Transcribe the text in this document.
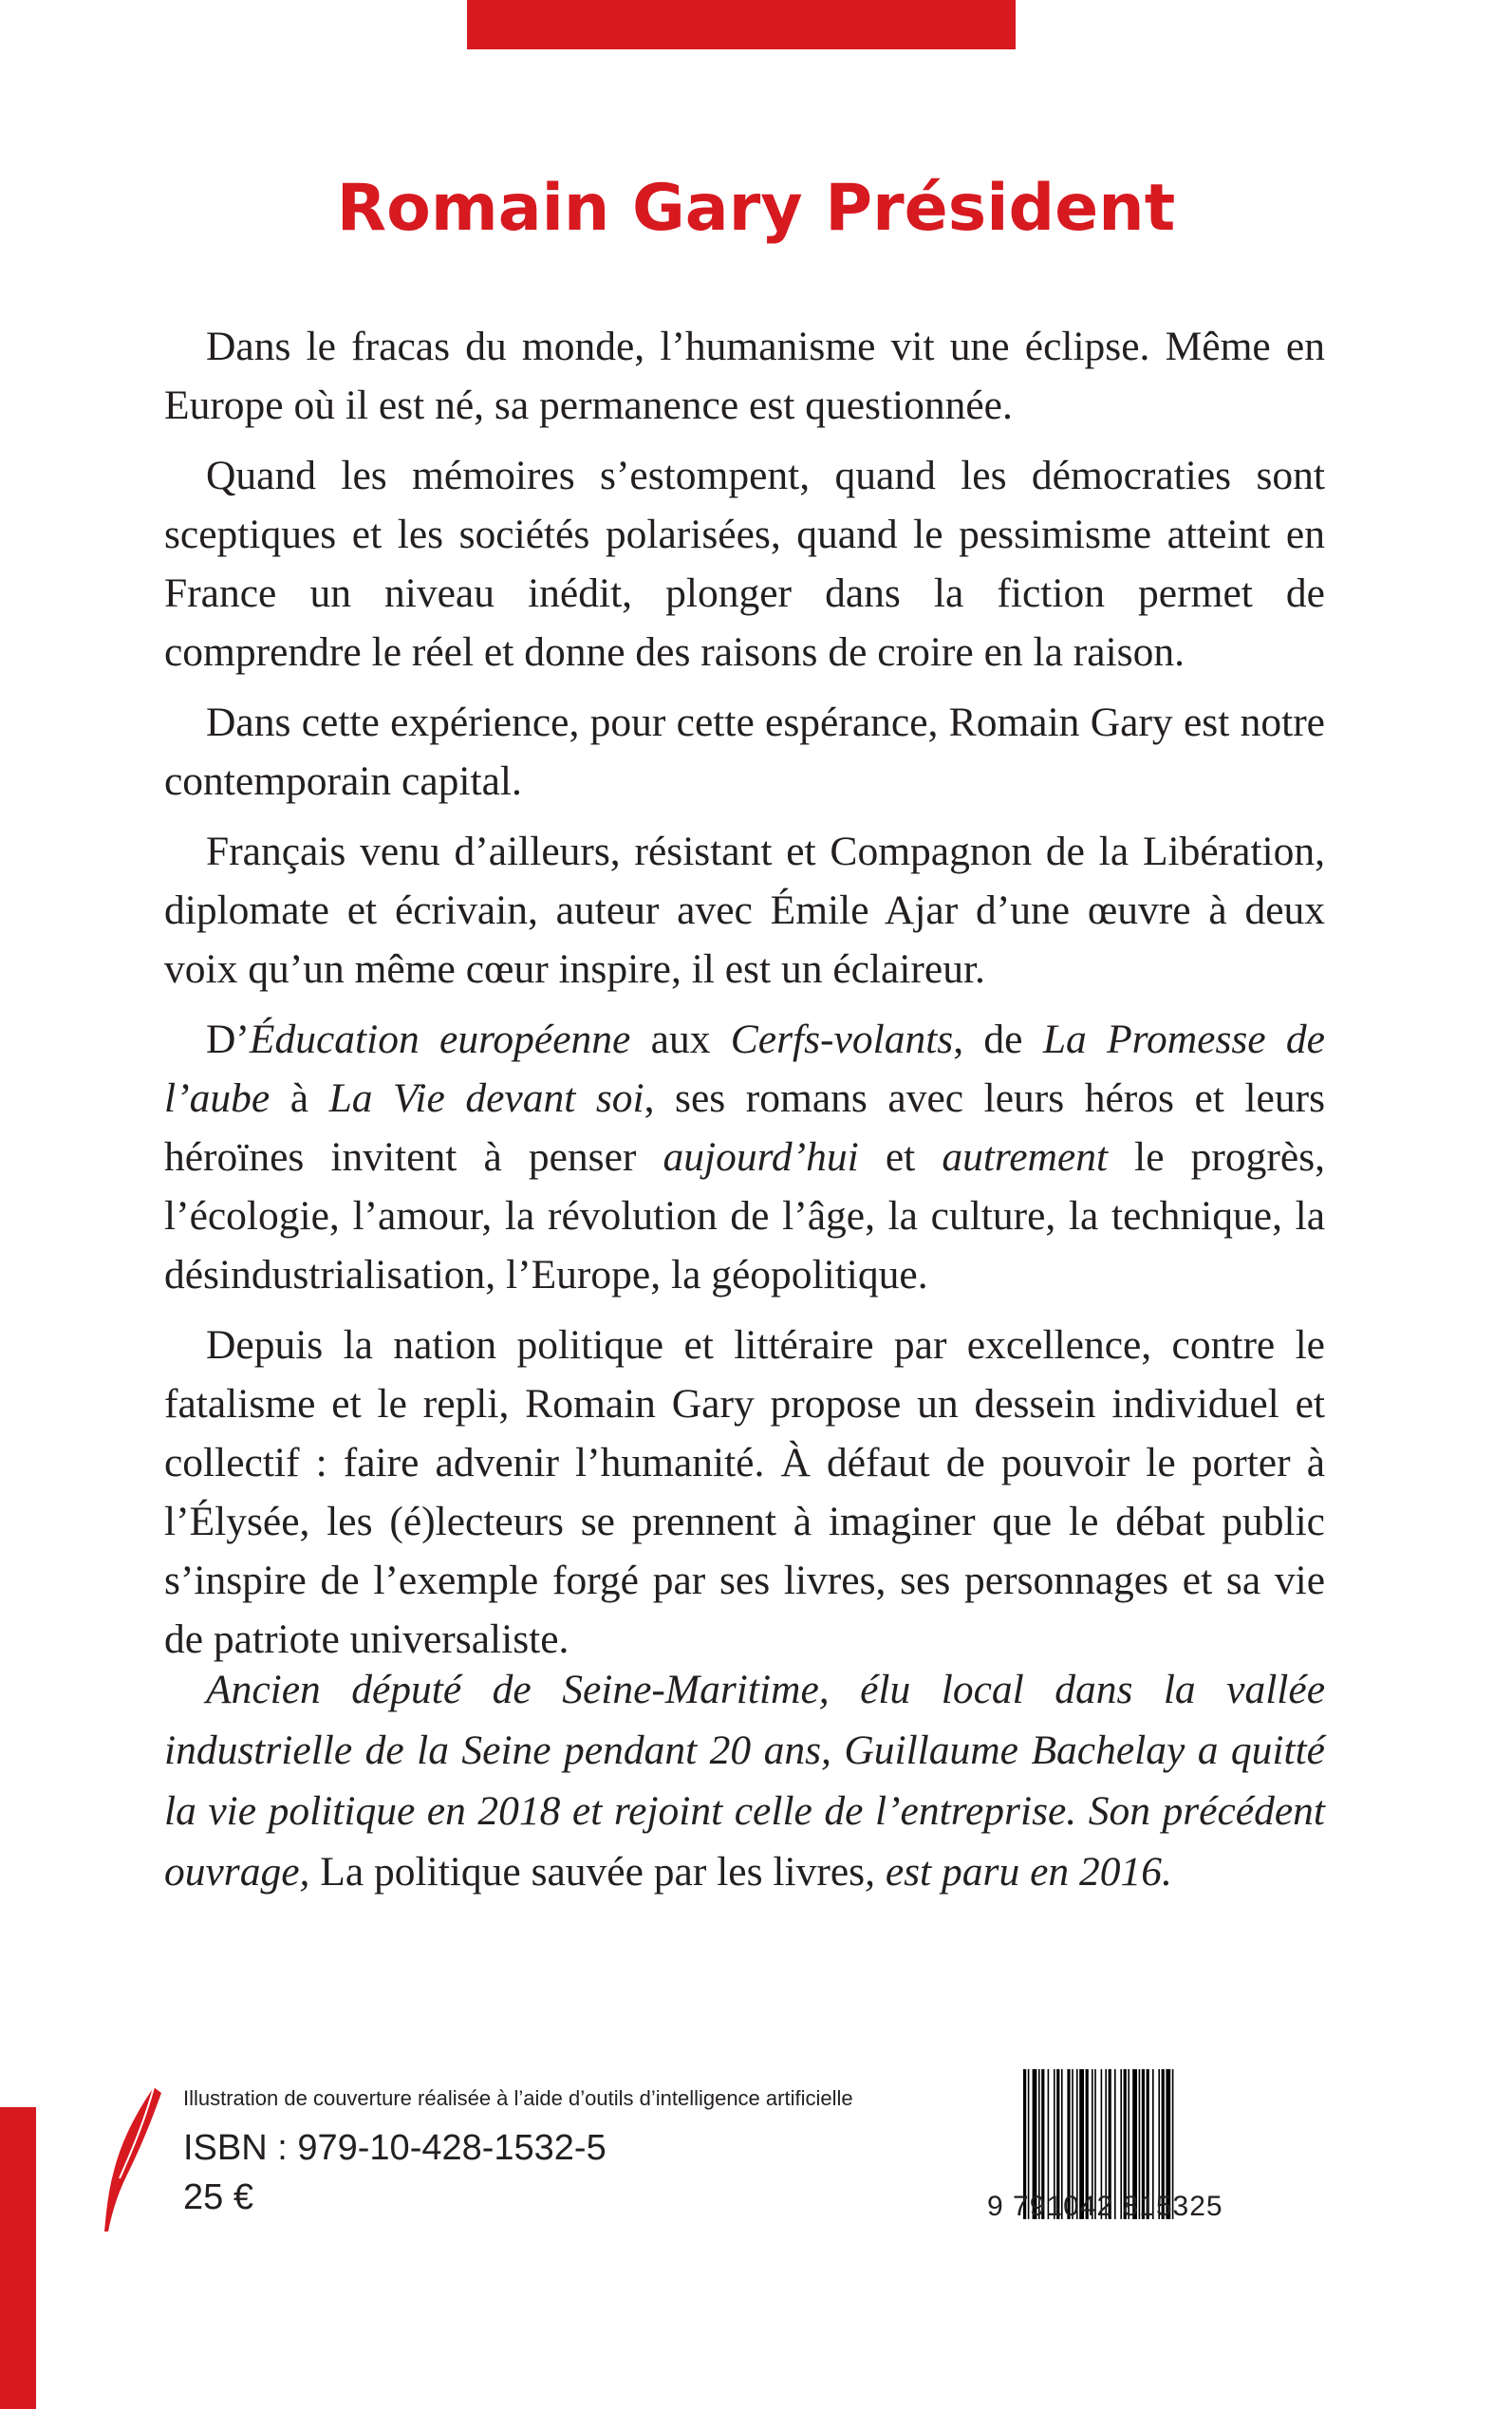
Romain Gary Président

Dans le fracas du monde, l’humanisme vit une éclipse. Même en Europe où il est né, sa permanence est questionnée.

Quand les mémoires s’estompent, quand les démocraties sont sceptiques et les sociétés polarisées, quand le pessimisme atteint en France un niveau inédit, plonger dans la fiction permet de comprendre le réel et donne des raisons de croire en la raison.

Dans cette expérience, pour cette espérance, Romain Gary est notre contemporain capital.

Français venu d’ailleurs, résistant et Compagnon de la Libération, diplomate et écrivain, auteur avec Émile Ajar d’une œuvre à deux voix qu’un même cœur inspire, il est un éclaireur.

D’Éducation européenne aux Cerfs-volants, de La Promesse de l’aube à La Vie devant soi, ses romans avec leurs héros et leurs héroïnes invitent à penser aujourd’hui et autrement le progrès, l’écologie, l’amour, la révolution de l’âge, la culture, la technique, la désindustrialisation, l’Europe, la géopolitique.

Depuis la nation politique et littéraire par excellence, contre le fatalisme et le repli, Romain Gary propose un dessein individuel et collectif : faire advenir l’humanité. À défaut de pouvoir le porter à l’Élysée, les (é)lecteurs se prennent à imaginer que le débat public s’inspire de l’exemple forgé par ses livres, ses personnages et sa vie de patriote universaliste.

Ancien député de Seine-Maritime, élu local dans la vallée industrielle de la Seine pendant 20 ans, Guillaume Bachelay a quitté la vie politique en 2018 et rejoint celle de l’entreprise. Son précédent ouvrage, La politique sauvée par les livres, est paru en 2016.

Illustration de couverture réalisée à l’aide d’outils d’intelligence artificielle
ISBN : 979-10-428-1532-5
25 €	9 791042 815325
